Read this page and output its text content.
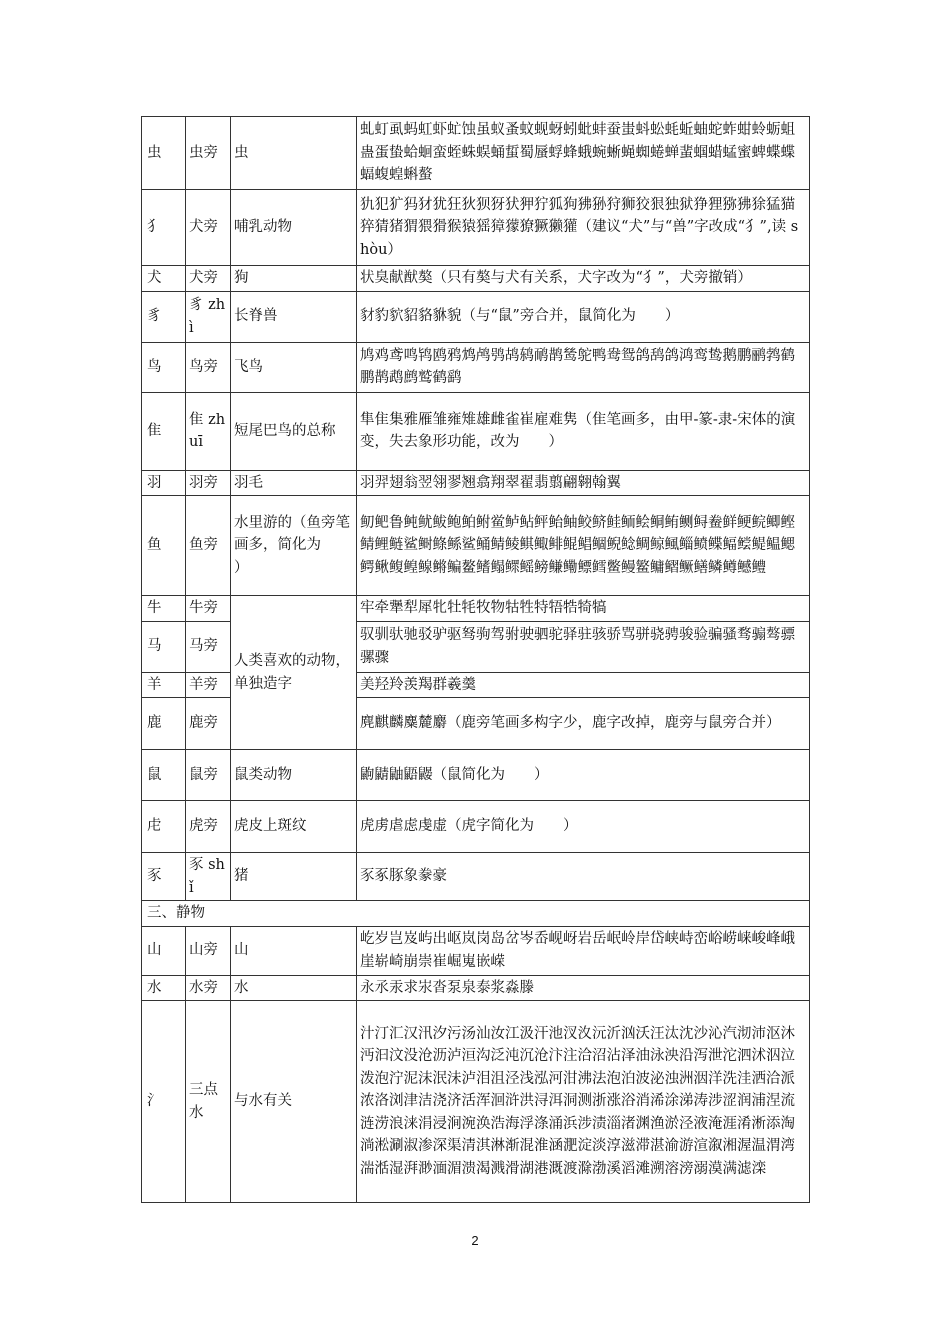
虫	虫旁	虫	虬虰虱蚂虹虾虻蚀虽蚁蚤蚊蚬蚜蚓蚍蚌蚕蚩蚪蚣蚝蚯蚰蛇蚱蚶蛉蛎蛆蛊蛋蛰蛤蛔蛮蛭蛛蜈蛹蜇蜀蜃蜉蜂蛾蜿蜥蝇蜘蜷蝉蜚蝈蜡蜢蜜蜱蝶蝶蝠蝮蝗蝌螯
犭	犬旁	哺乳动物	犰犯犷犸犲犹狂狄狈犽犾狎狞狐狗狒狲狩狮狡狠独狱狰狸猕狒狳猛猫猝猜猪猬猥猾猴猿猺獐獴獠獗獭獾（建议“犬”与“兽”字改成“犭”,读 shòu）
犬	犬旁	狗	状臭献猷獒（只有獒与犬有关系，犬字改为“犭”，犬旁撤销）
豸	豸 zhì	长脊兽	豺豹貁貂貉貅貌（与“鼠”旁合并，鼠简化为　　）
鸟	鸟旁	飞鸟	鸠鸡鸢鸣鸨鸥鸦鸩鸬鸮鸪鸫鸸鹊鸶鸵鸭鸯鸳鸽鸹鸽鸿鸾鸷鹅鹏鹂鹁鹤鹏鹊鹉鹧鹫鹤鹞
隹	隹 zhuī	短尾巴鸟的总称	隼隹集雅雁雏雍雉雄雌雀崔雇难隽（隹笔画多，由甲-篆-隶-宋体的演变，失去象形功能，改为　　）
羽	羽旁	羽毛	羽羿翅翁翌翎翏翘翕翔翠翟翡翦翩翱翰翼
鱼	鱼旁	水里游的（鱼旁笔画多，简化为　　）	鱽鲃鲁鲀鱿鲅鲍鲌鲋鲎鲈鲇鲆鲐鲉鲛鲚鲑鲕鲙鲖鲔鲗鲟鲞鲜鲠鲩鲫鲣鲭鲤鲢鲨鲥鲦鲧鲨鲬鲭鲮鲯鲰鲱鲲鲳鲴鲵鲶鲷鲸鲺鲻鲼鲽鲾鲿鳀鳁鳃鳄鳅鳆鳇鳈鳉鳊鳌鳍鳎鳏鳐鳑鳒鳓鳔鳕鳖鳗鳘鳙鳛鳜鳝鳞鳟鳡鳢
牛	牛旁	人类喜欢的动物，单独造字	牢牵犟犁犀牝牡牦牧物牯牲特牾牿犄犒
马	马旁		驭驯驮驰驳驴驱驽驹驾驸驶驷驼驿驻骇骄骂骈骁骋骏验骗骚骛骟骜骠骡骤
羊	羊旁		美羟羚羡羯群羲羹
鹿	鹿旁		麂麒麟麋麓麝（鹿旁笔画多构字少，鹿字改掉，鹿旁与鼠旁合并）
鼠	鼠旁	鼠类动物	鼩鼱鼬鼯鼹（鼠简化为　　）
虍	虎旁	虎皮上斑纹	虎虏虐虑虔虚（虎字简化为　　）
豕	豕 shǐ	猪	豕豖豚象豢豪
三、静物			
山	山旁	山	屹岁岂岌屿出岖岚岗岛岔岑岙岘岈岩岳岷岭岸岱峡峙峦峪崂崃峻峰峨崖崭崎崩崇崔崛嵬嵌嵘
水	水旁	水	永氶汞求汖沓泵泉泰浆淼滕
氵	三点水	与水有关	汁汀汇汉汛汐污汤汕汝江汲汗池汊汷沅沂汹沃汪汰沈沙沁汽沏沛沤沐沔汩汶没沧沥泸洹沟泛沌沉沧汴注洽沼沾泽油泳泱沿泻泄沱泗沭泅泣泼泡泞泥沫泯沬泸泪沮泾浅泓河泔沸法泡泊波泌浊洲洇洋洗洼洒洽派浓洛浏津洁浇济活浑洄浒洪浔洱洞测浙涨浴消浠涂涕涛涉涩润浦涅流涟涝浪涞涓浸涧涴涣浩海浮涤涌浜涉渍淄渚渊渔淤泾液淹涯淆淅添淘淌淞涮淑渗深渠清淇淋渐混淮涵淝淀淡淳滋滞湛渝游渲溆湘渥温渭湾湍湉湿湃渺湎湄溃渴溅滑湖港溉渡滁渤溪滔滩溯溶滂溺漠满滤滦
2
